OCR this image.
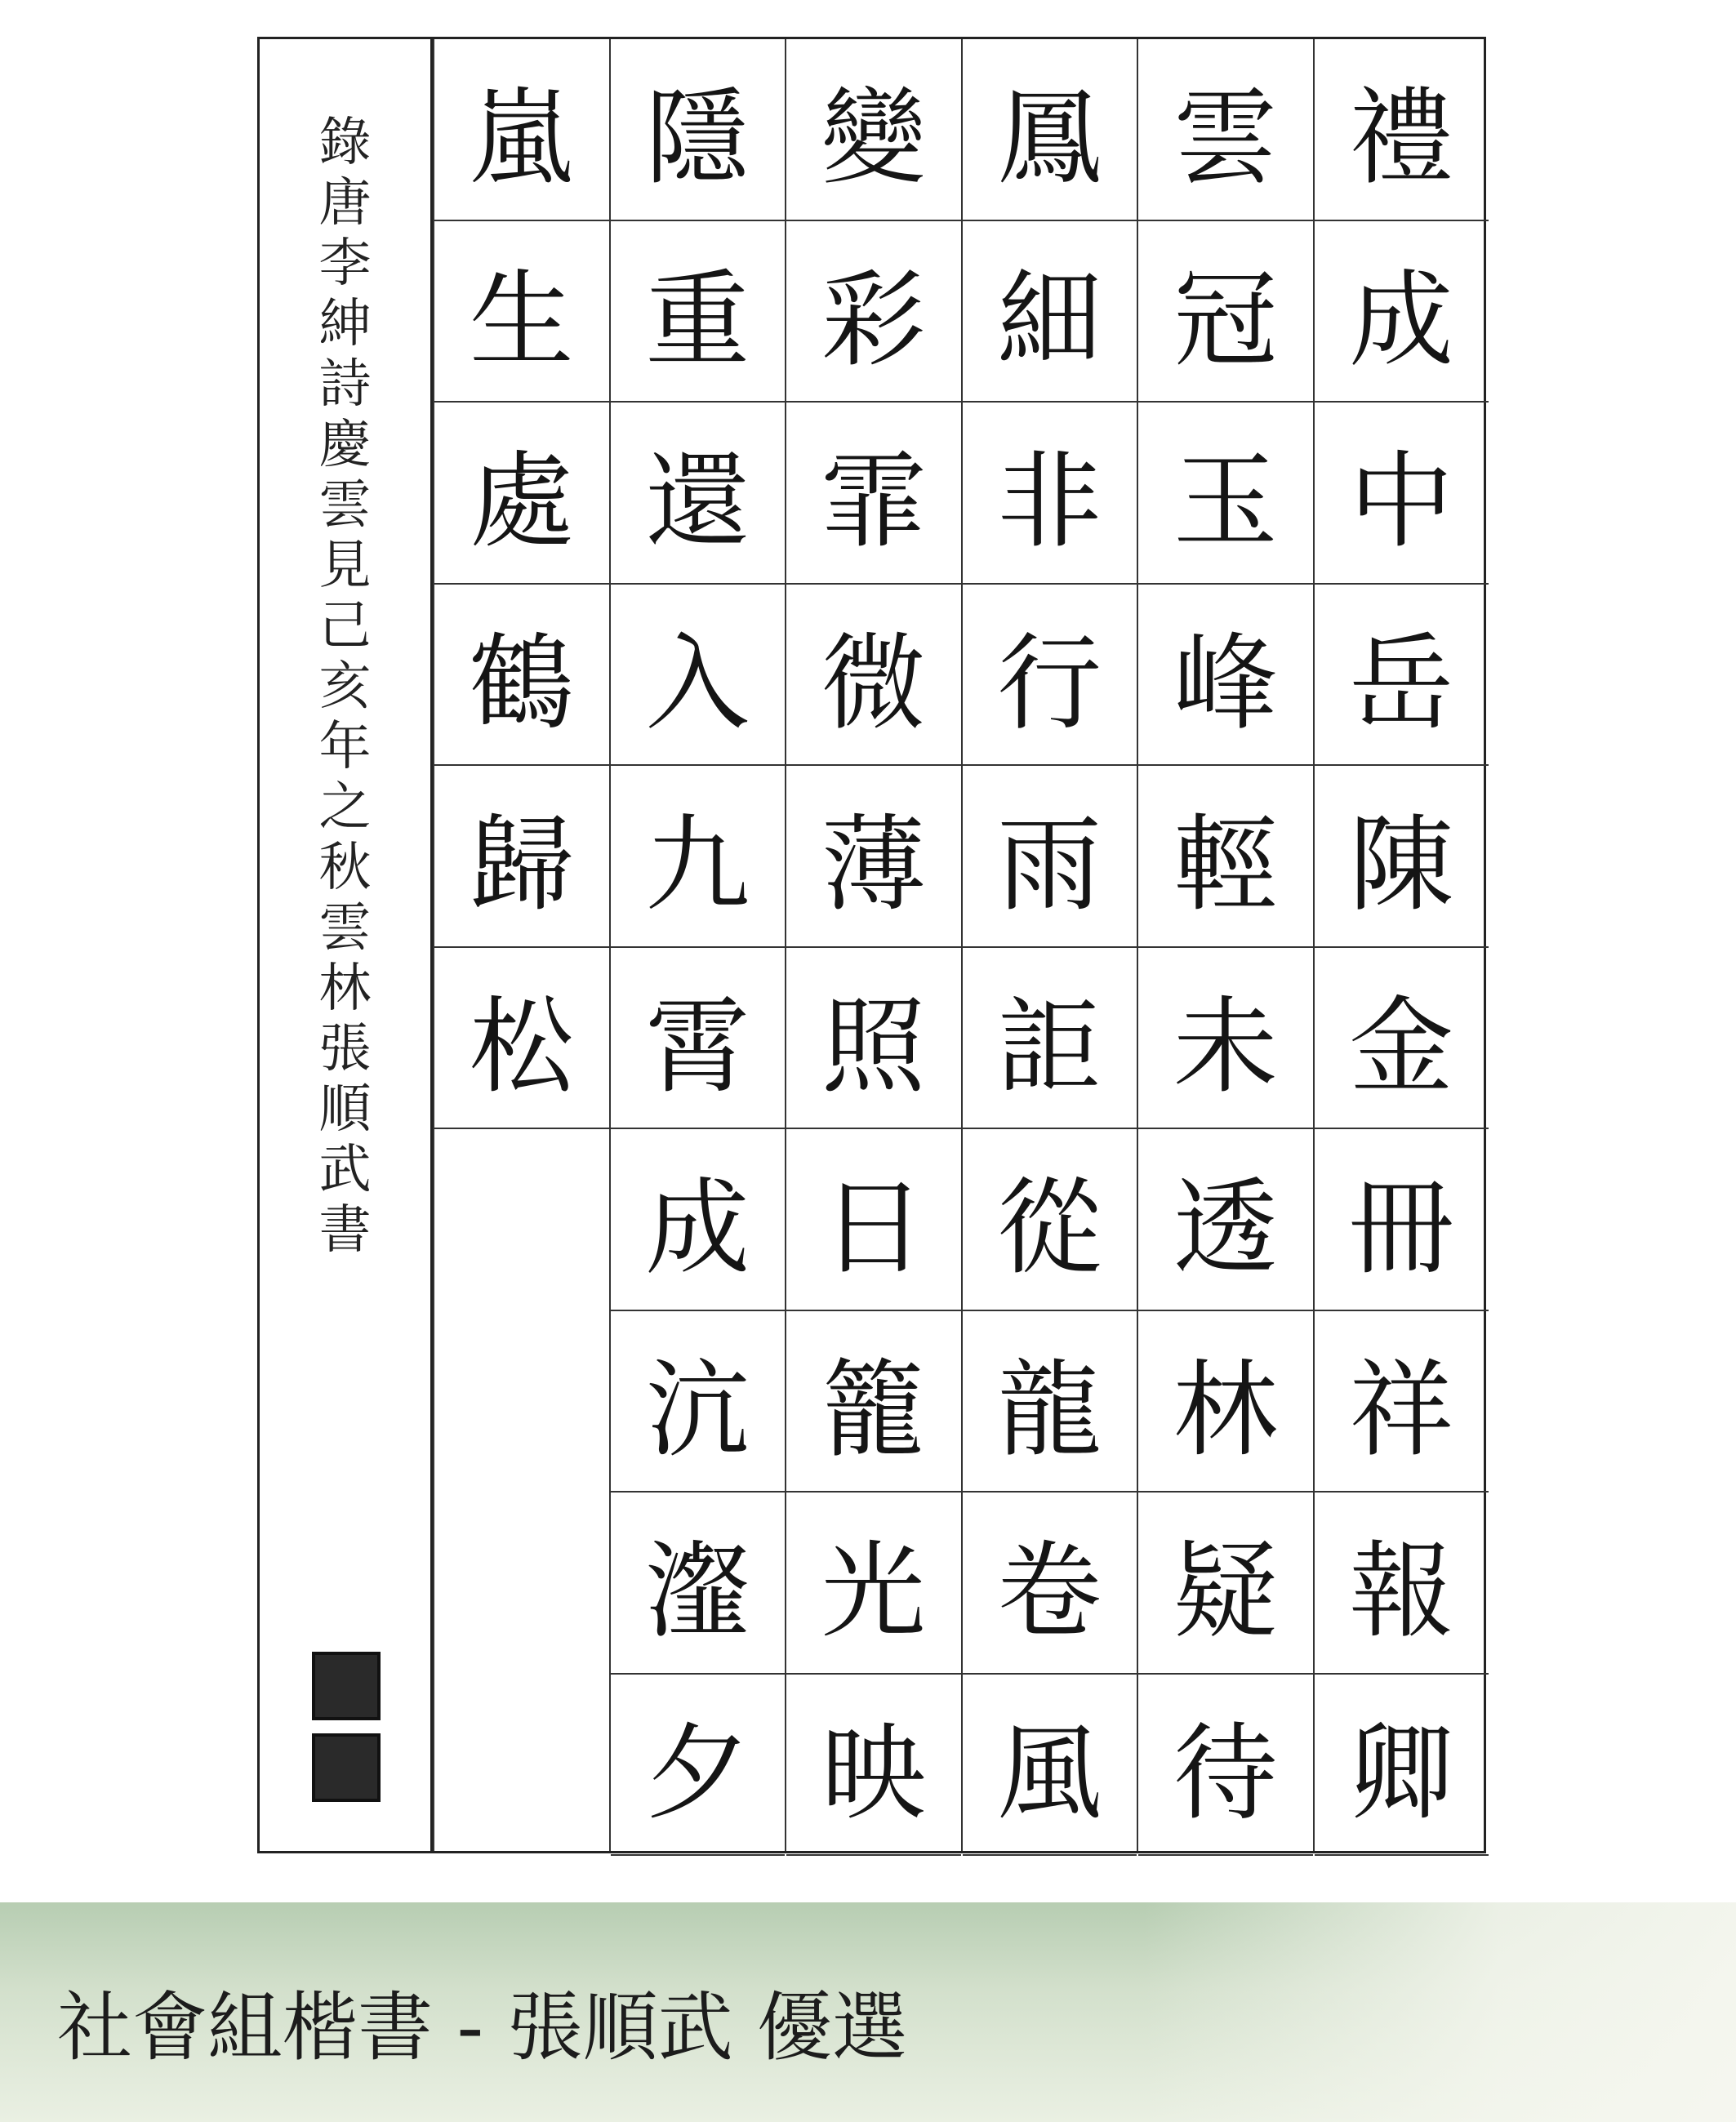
錄
唐
李
紳
詩
慶
雲
見
己
亥
年
之
秋
雲
林
張
順
武
書
禮
成
中
岳
陳
金
冊
祥
報
卿
雲
冠
玉
峰
輕
未
透
林
疑
待
鳳
細
非
行
雨
詎
從
龍
卷
風
變
彩
霏
微
薄
照
日
籠
光
映
隱
重
還
入
九
霄
成
沆
瀣
夕
嵐
生
處
鶴
歸
松
社會組楷書 - 張順武 優選
